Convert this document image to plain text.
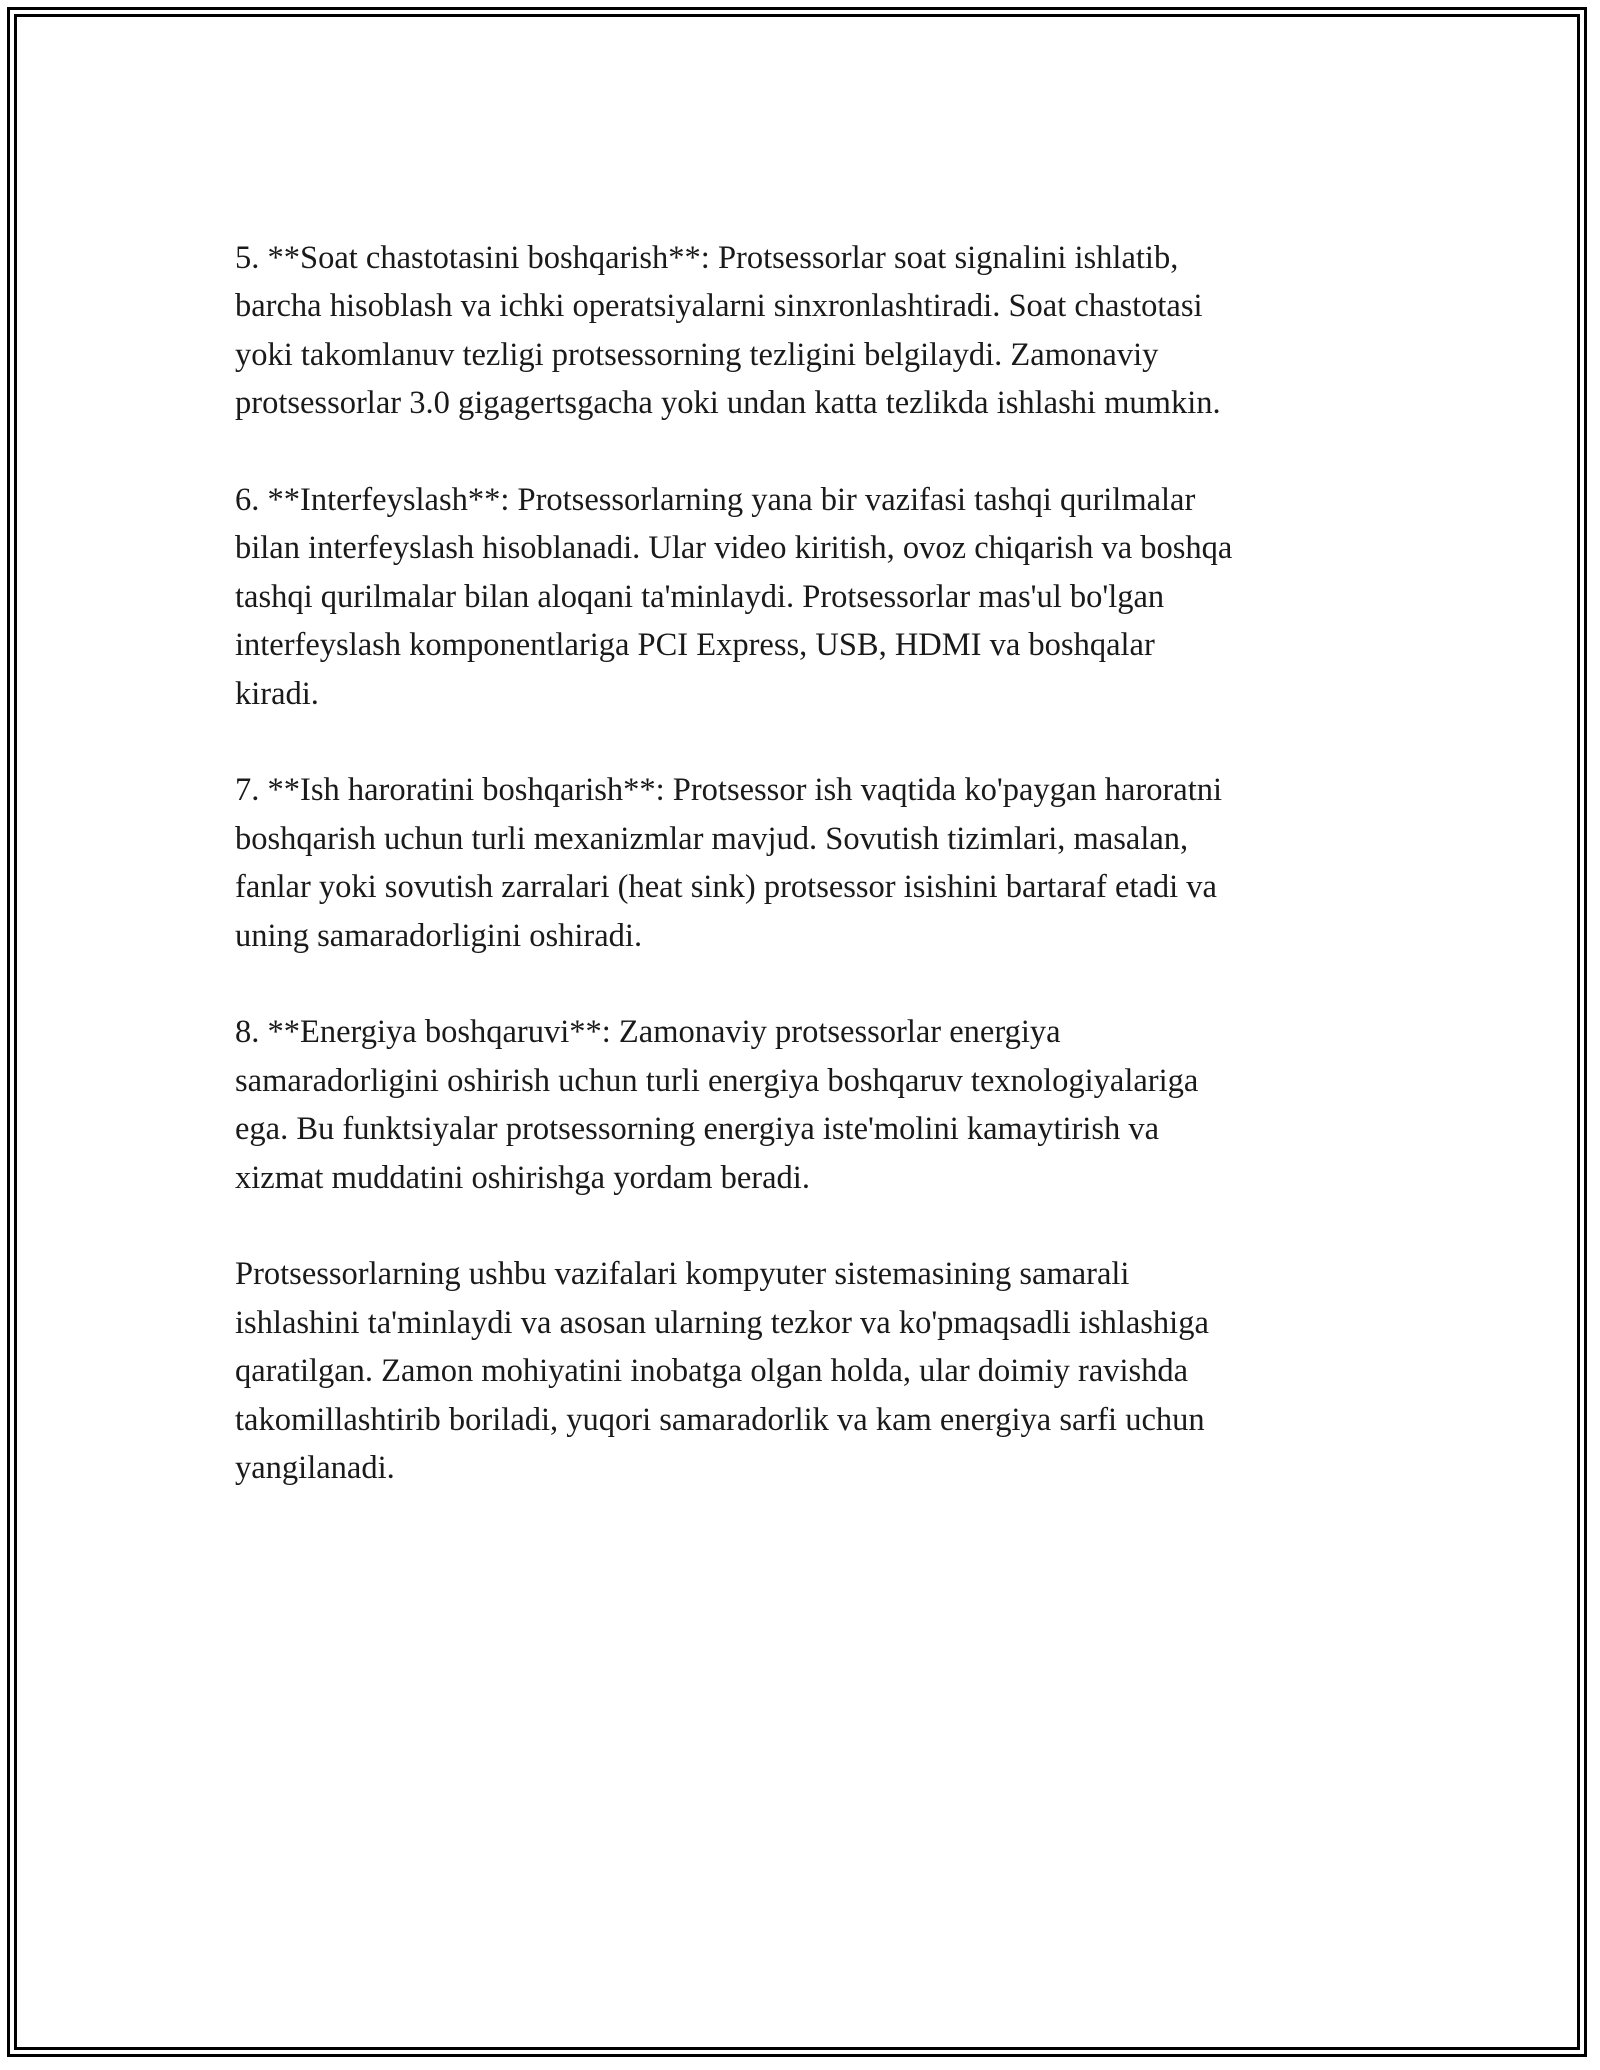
5. **Soat chastotasini boshqarish**: Protsessorlar soat signalini ishlatib,
barcha hisoblash va ichki operatsiyalarni sinxronlashtiradi. Soat chastotasi
yoki takomlanuv tezligi protsessorning tezligini belgilaydi. Zamonaviy
protsessorlar 3.0 gigagertsgacha yoki undan katta tezlikda ishlashi mumkin.

6. **Interfeyslash**: Protsessorlarning yana bir vazifasi tashqi qurilmalar
bilan interfeyslash hisoblanadi. Ular video kiritish, ovoz chiqarish va boshqa
tashqi qurilmalar bilan aloqani ta'minlaydi. Protsessorlar mas'ul bo'lgan
interfeyslash komponentlariga PCI Express, USB, HDMI va boshqalar
kiradi.

7. **Ish haroratini boshqarish**: Protsessor ish vaqtida ko'paygan haroratni
boshqarish uchun turli mexanizmlar mavjud. Sovutish tizimlari, masalan,
fanlar yoki sovutish zarralari (heat sink) protsessor isishini bartaraf etadi va
uning samaradorligini oshiradi.

8. **Energiya boshqaruvi**: Zamonaviy protsessorlar energiya
samaradorligini oshirish uchun turli energiya boshqaruv texnologiyalariga
ega. Bu funktsiyalar protsessorning energiya iste'molini kamaytirish va
xizmat muddatini oshirishga yordam beradi.

Protsessorlarning ushbu vazifalari kompyuter sistemasining samarali
ishlashini ta'minlaydi va asosan ularning tezkor va ko'pmaqsadli ishlashiga
qaratilgan. Zamon mohiyatini inobatga olgan holda, ular doimiy ravishda
takomillashtirib boriladi, yuqori samaradorlik va kam energiya sarfi uchun
yangilanadi.
